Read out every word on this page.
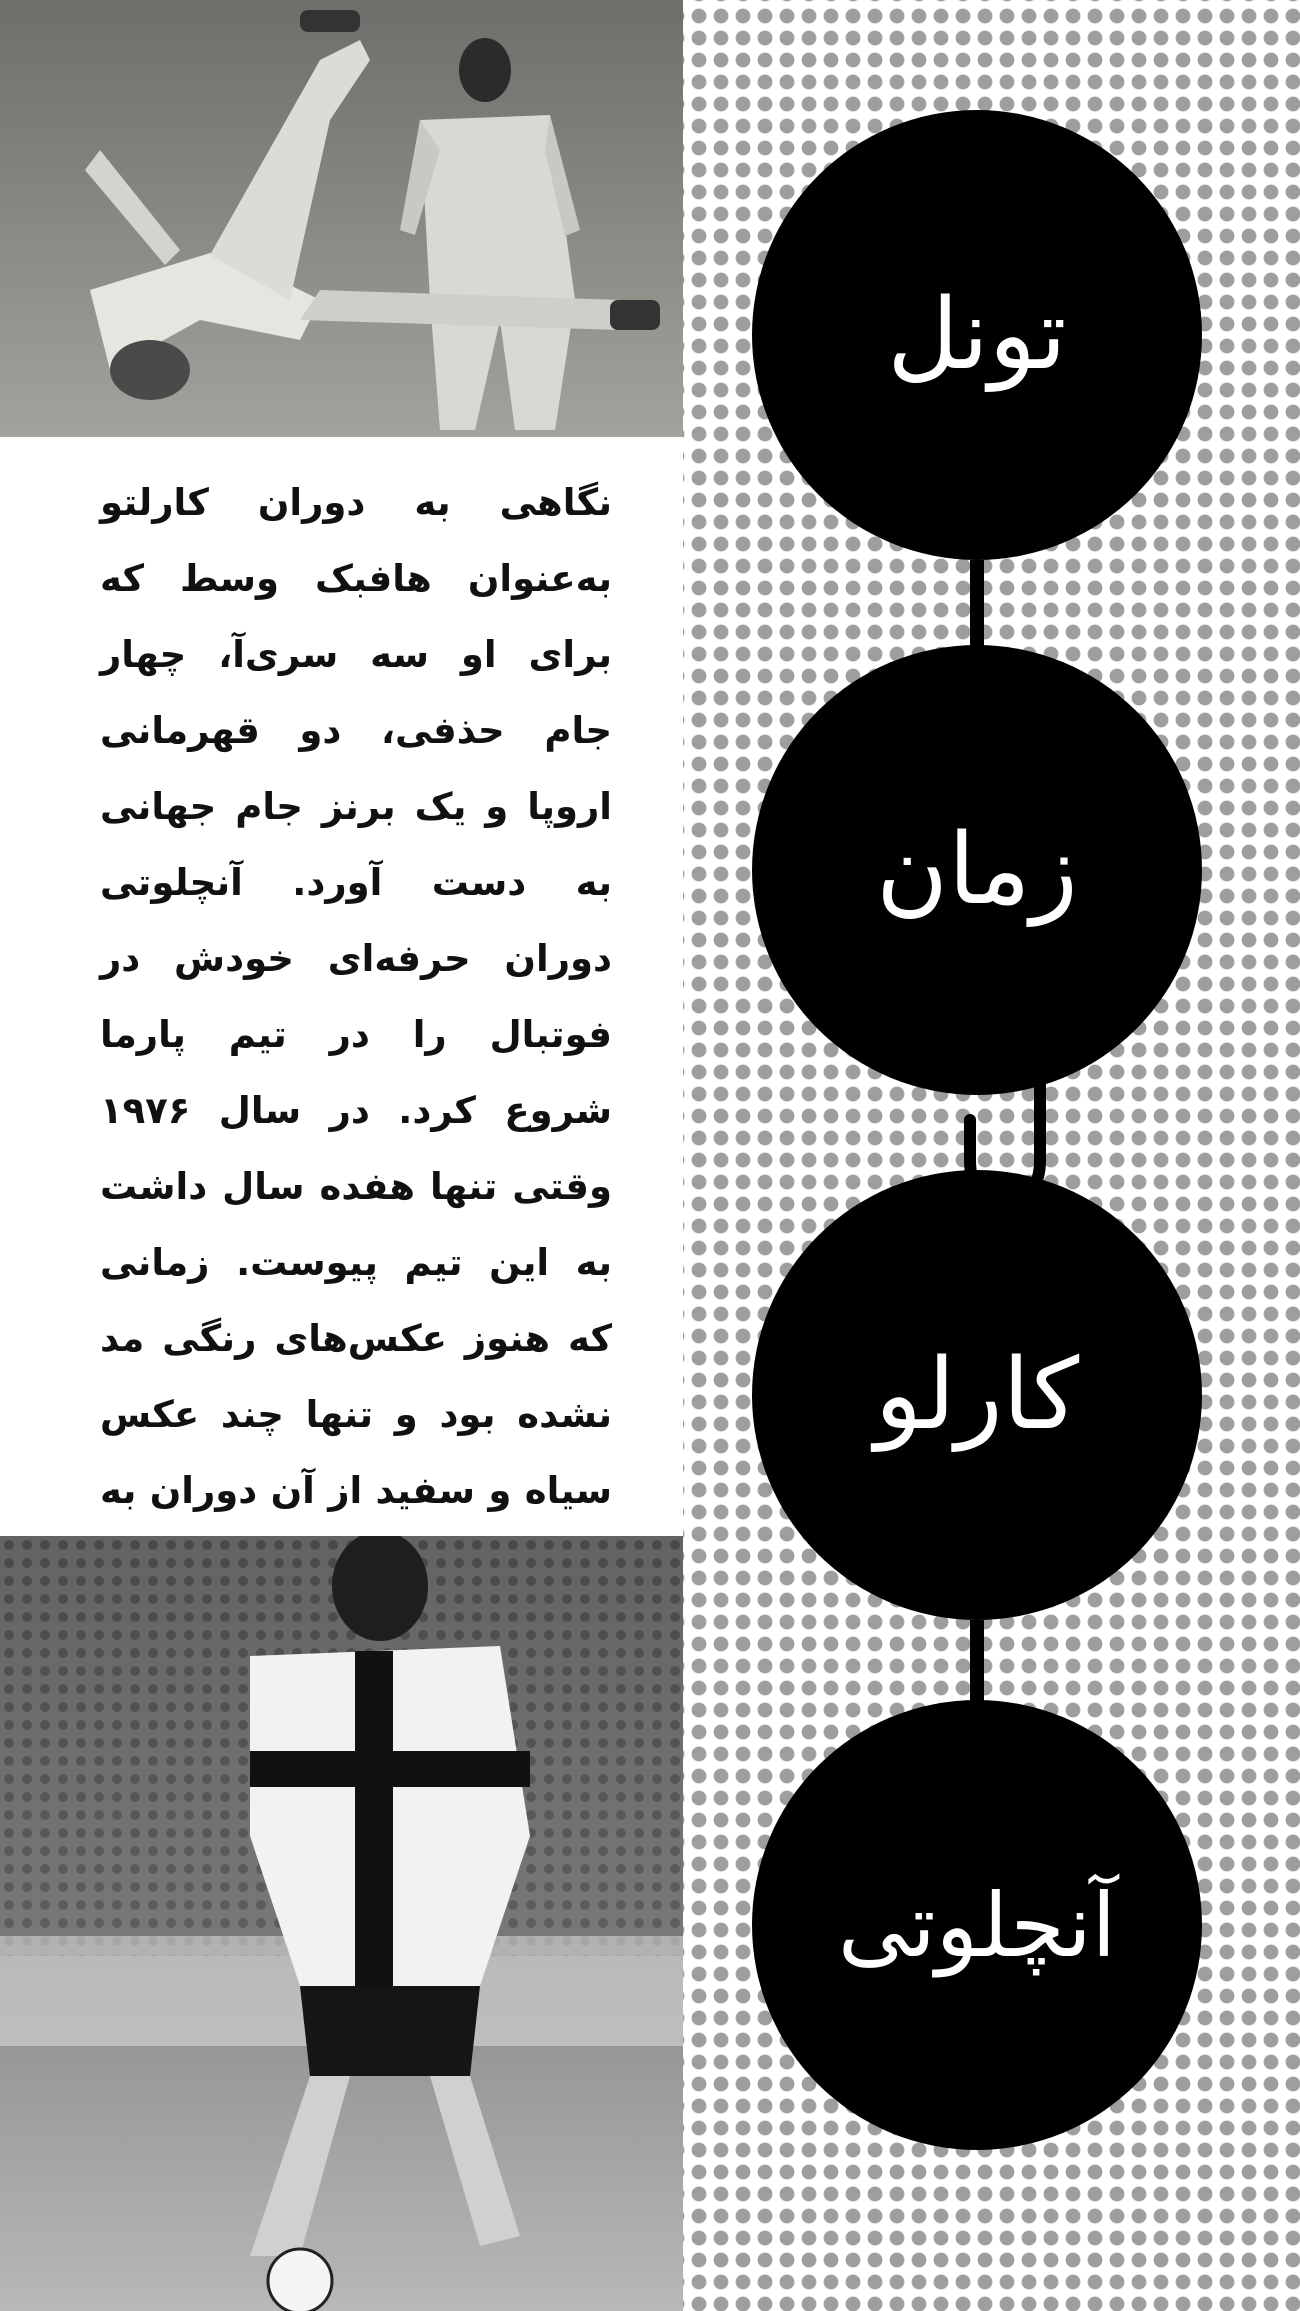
نگاهی به دوران کارلتو به‌عنوان هافبک وسط که برای او سه سری‌آ، چهار جام حذفی، دو قهرمانی اروپا و یک برنز جام جهانی به دست آورد. آنچلوتی دوران حرفه‌ای خودش در فوتبال را در تیم پارما شروع کرد. در سال ۱۹۷۶ وقتی تنها هفده سال داشت به این تیم پیوست. زمانی که هنوز عکس‌های رنگی مد نشده بود و تنها چند عکس سیاه و سفید از آن دوران به

تونل
زمان
کارلو
آنچلوتی
